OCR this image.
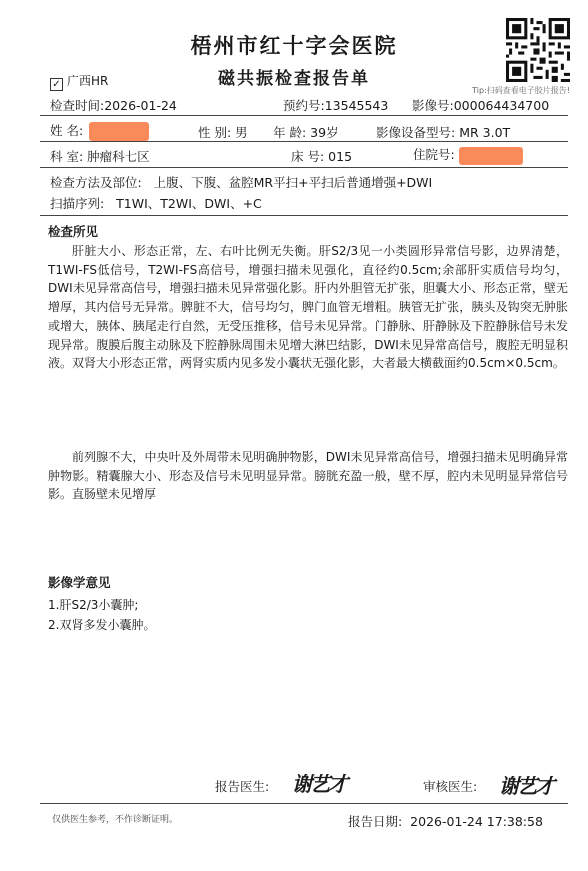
梧州市红十字会医院
磁共振检查报告单
Tip:扫码查看电子胶片报告!
✓ 广西HR
检查时间:2026-01-24	预约号:13545543 影像号:000064434700
姓 名:	性 别: 男 年 龄: 39岁	影像设备型号: MR 3.0T
科 室: 肿瘤科七区	床 号: 015	住院号:
检查方法及部位: 上腹、下腹、盆腔MR平扫+平扫后普通增强+DWI
扫描序列: T1WI、T2WI、DWI、+C
检查所见
肝脏大小、形态正常，左、右叶比例无失衡。肝S2/3见一小类圆形异常信号影，边界清楚，T1WI-FS低信号，T2WI-FS高信号，增强扫描未见强化，直径约0.5cm;余部肝实质信号均匀，DWI未见异常高信号，增强扫描未见异常强化影。肝内外胆管无扩张，胆囊大小、形态正常，壁无增厚，其内信号无异常。脾脏不大，信号均匀，脾门血管无增粗。胰管无扩张，胰头及钩突无肿胀或增大，胰体、胰尾走行自然，无受压推移，信号未见异常。门静脉、肝静脉及下腔静脉信号未发现异常。腹膜后腹主动脉及下腔静脉周围未见增大淋巴结影，DWI未见异常高信号，腹腔无明显积液。双肾大小形态正常，两肾实质内见多发小囊状无强化影，大者最大横截面约0.5cm×0.5cm。
前列腺不大，中央叶及外周带未见明确肿物影，DWI未见异常高信号，增强扫描未见明确异常肿物影。精囊腺大小、形态及信号未见明显异常。膀胱充盈一般，壁不厚，腔内未见明显异常信号影。直肠壁未见增厚
影像学意见
1.肝S2/3小囊肿;
2.双肾多发小囊肿。
报告医生: 谢艺才	审核医生: 谢艺才
仅供医生参考，不作诊断证明。	报告日期: 2026-01-24 17:38:58
